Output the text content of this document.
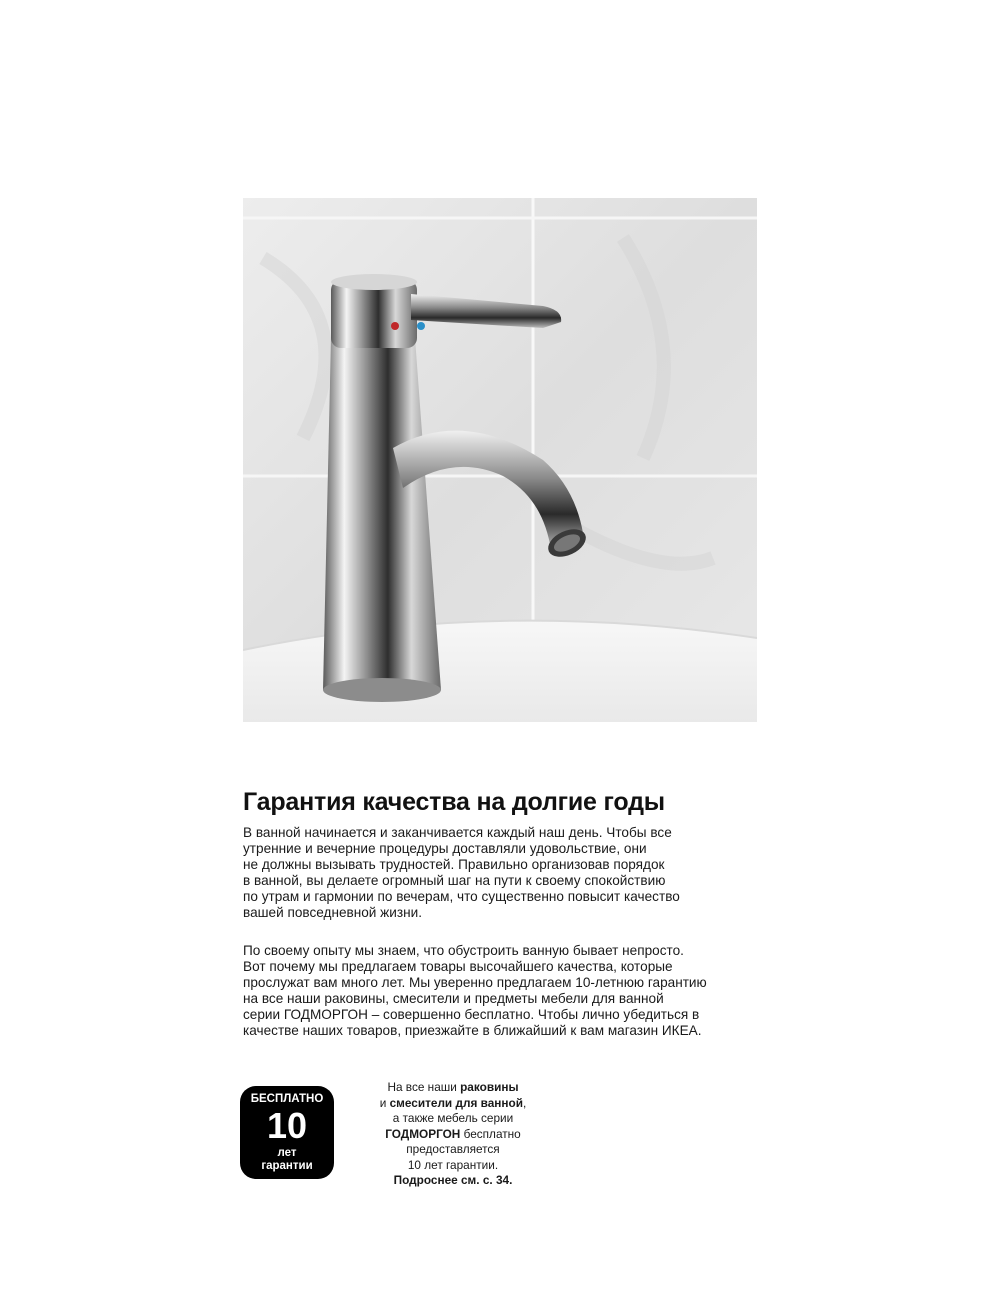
Гарантия качества на долгие годы
В ванной начинается и заканчивается каждый наш день. Чтобы все
утренние и вечерние процедуры доставляли удовольствие, они
не должны вызывать трудностей. Правильно организовав порядок
в ванной, вы делаете огромный шаг на пути к своему спокойствию
по утрам и гармонии по вечерам, что существенно повысит качество
вашей повседневной жизни.
По своему опыту мы знаем, что обустроить ванную бывает непросто.
Вот почему мы предлагаем товары высочайшего качества, которые
прослужат вам много лет. Мы уверенно предлагаем 10-летнюю гарантию
на все наши раковины, смесители и предметы мебели для ванной
серии ГОДМОРГОН – совершенно бесплатно. Чтобы лично убедиться в
качестве наших товаров, приезжайте в ближайший к вам магазин ИКЕА.
БЕСПЛАТНО
10
лет
гарантии
На все наши раковины
и смесители для ванной,
а также мебель серии
ГОДМОРГОН бесплатно
предоставляется
10 лет гарантии.
Подроснее см. с. 34.
